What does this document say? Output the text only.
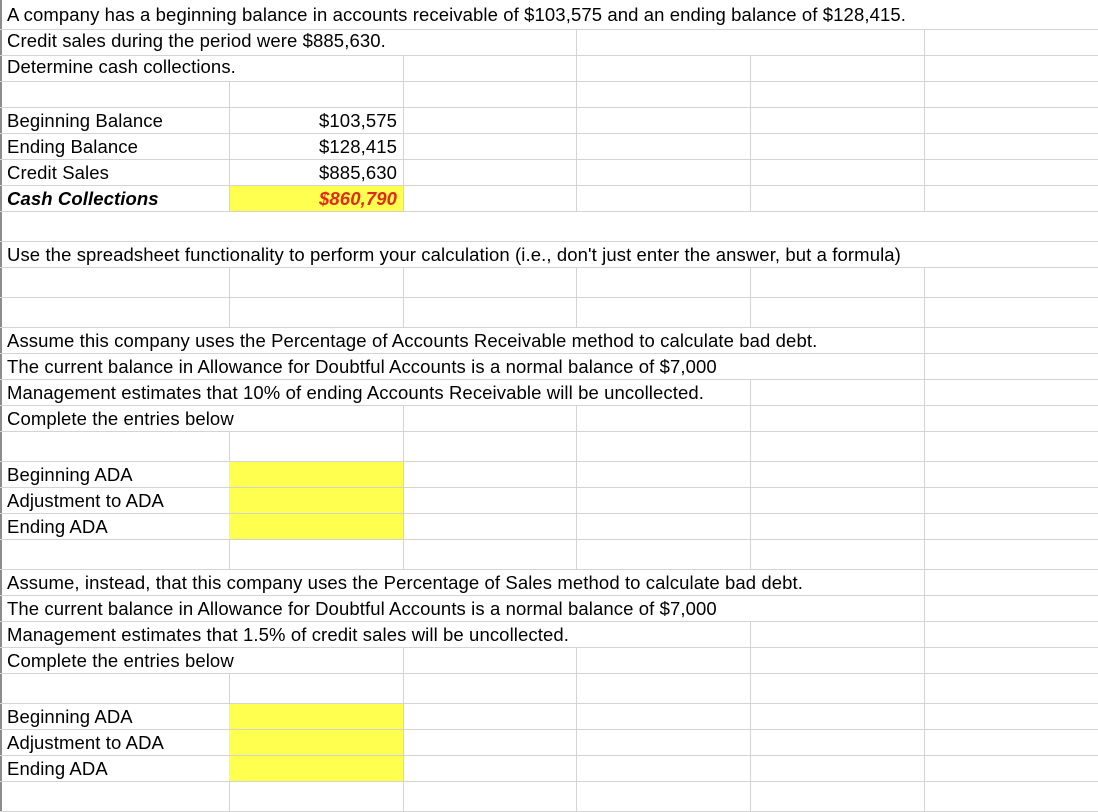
A company has a beginning balance in accounts receivable of $103,575 and an ending balance of $128,415.
Credit sales during the period were $885,630.
Determine cash collections.
Beginning Balance	$103,575
Ending Balance	$128,415
Credit Sales	$885,630
Cash Collections	$860,790
Use the spreadsheet functionality to perform your calculation (i.e., don't just enter the answer, but a formula)
Assume this company uses the Percentage of Accounts Receivable method to calculate bad debt.
The current balance in Allowance for Doubtful Accounts is a normal balance of $7,000
Management estimates that 10% of ending Accounts Receivable will be uncollected.
Complete the entries below
Beginning ADA
Adjustment to ADA
Ending ADA
Assume, instead, that this company uses the Percentage of Sales method to calculate bad debt.
The current balance in Allowance for Doubtful Accounts is a normal balance of $7,000
Management estimates that 1.5% of credit sales will be uncollected.
Complete the entries below
Beginning ADA
Adjustment to ADA
Ending ADA
